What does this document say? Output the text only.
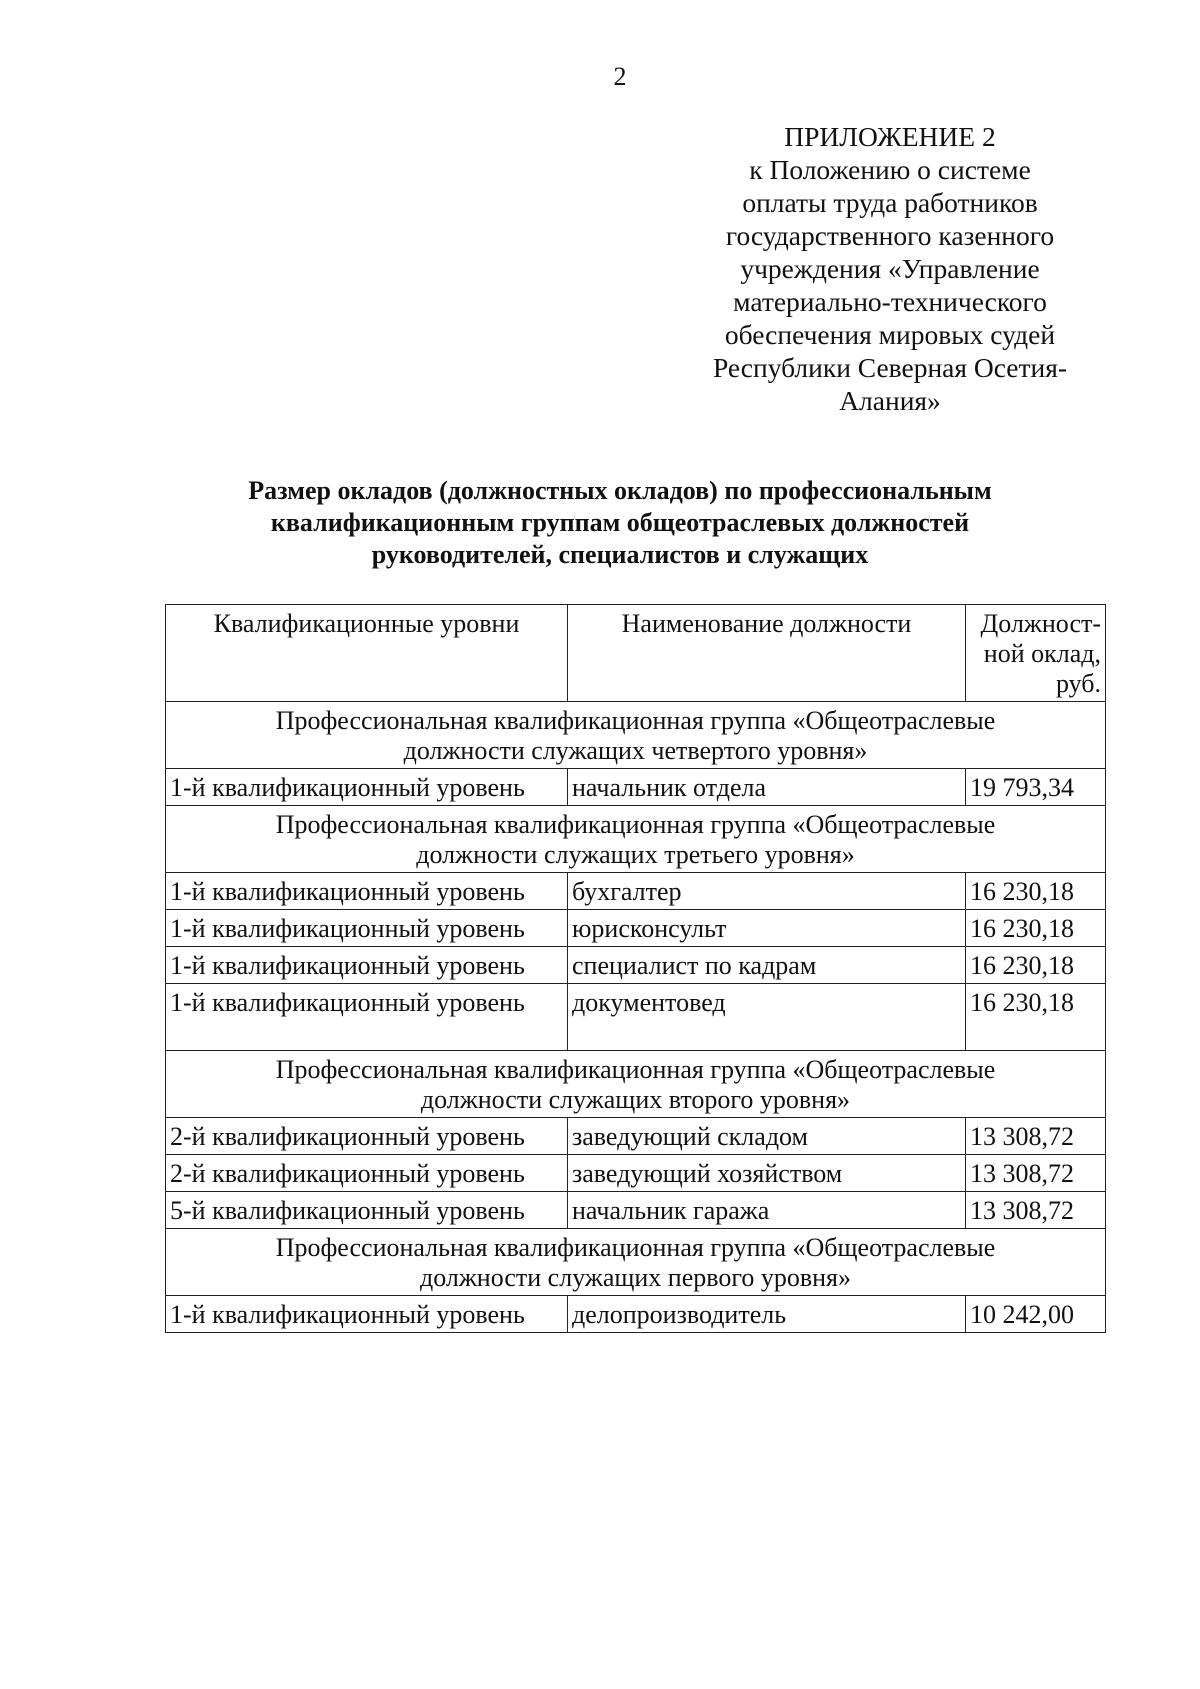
2
ПРИЛОЖЕНИЕ 2
к Положению о системе
оплаты труда работников
государственного казенного
учреждения «Управление
материально-технического
обеспечения мировых судей
Республики Северная Осетия-
Алания»
Размер окладов (должностных окладов) по профессиональным
квалификационным группам общеотраслевых должностей
руководителей, специалистов и служащих
Квалификационные уровни	Наименование должности	Должност-
ной оклад,
руб.
Профессиональная квалификационная группа «Общеотраслевые
должности служащих четвертого уровня»		
1-й квалификационный уровень	начальник отдела	19 793,34
Профессиональная квалификационная группа «Общеотраслевые
должности служащих третьего уровня»		
1-й квалификационный уровень	бухгалтер	16 230,18
1-й квалификационный уровень	юрисконсульт	16 230,18
1-й квалификационный уровень	специалист по кадрам	16 230,18
1-й квалификационный уровень	документовед	16 230,18
Профессиональная квалификационная группа «Общеотраслевые
должности служащих второго уровня»		
2-й квалификационный уровень	заведующий складом	13 308,72
2-й квалификационный уровень	заведующий хозяйством	13 308,72
5-й квалификационный уровень	начальник гаража	13 308,72
Профессиональная квалификационная группа «Общеотраслевые
должности служащих первого уровня»		
1-й квалификационный уровень	делопроизводитель	10 242,00
